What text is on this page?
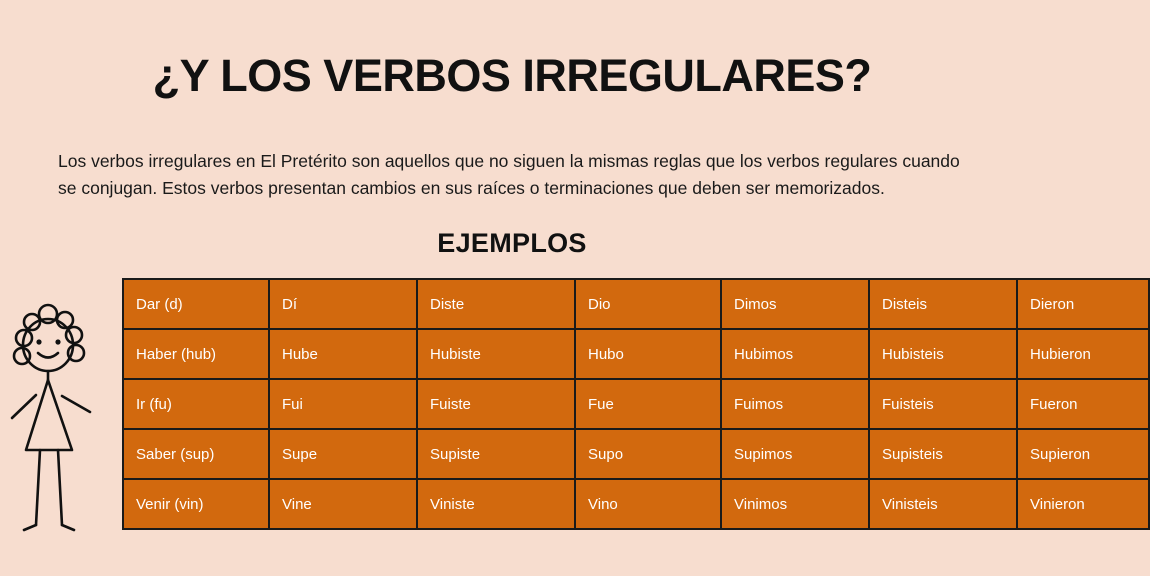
¿Y LOS VERBOS IRREGULARES?

Los verbos irregulares en El Pretérito son aquellos que no siguen la mismas reglas que los verbos regulares cuando se conjugan. Estos verbos presentan cambios en sus raíces o terminaciones que deben ser memorizados.

EJEMPLOS
Dar (d)	Dí	Diste	Dio	Dimos	Disteis	Dieron
Haber (hub)	Hube	Hubiste	Hubo	Hubimos	Hubisteis	Hubieron
Ir (fu)	Fui	Fuiste	Fue	Fuimos	Fuisteis	Fueron
Saber (sup)	Supe	Supiste	Supo	Supimos	Supisteis	Supieron
Venir (vin)	Vine	Viniste	Vino	Vinimos	Vinisteis	Vinieron
